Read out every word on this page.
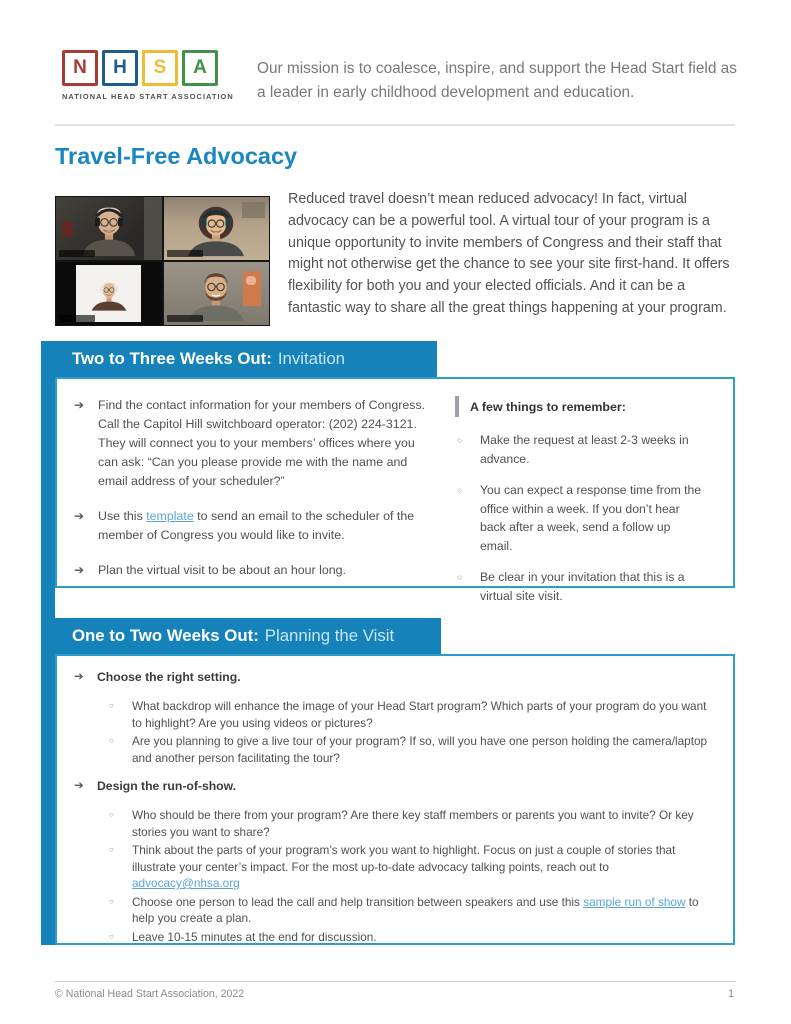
N	H	S	A
NATIONAL HEAD START ASSOCIATION
Our mission is to coalesce, inspire, and support the Head Start field as a leader in early childhood development and education.
Travel-Free Advocacy
Reduced travel doesn’t mean reduced advocacy! In fact, virtual advocacy can be a powerful tool. A virtual tour of your program is a unique opportunity to invite members of Congress and their staff that might not otherwise get the chance to see your site first-hand. It offers flexibility for both you and your elected officials. And it can be a fantastic way to share all the great things happening at your program.
Two to Three Weeks Out: Invitation
➔	Find the contact information for your members of Congress. Call the Capitol Hill switchboard operator: (202) 224-3121. They will connect you to your members’ offices where you can ask: “Can you please provide me with the name and email address of your scheduler?”
➔	Use this template to send an email to the scheduler of the member of Congress you would like to invite.
➔	Plan the virtual visit to be about an hour long.
A few things to remember:
○	Make the request at least 2-3 weeks in advance.
○	You can expect a response time from the office within a week. If you don’t hear back after a week, send a follow up email.
○	Be clear in your invitation that this is a virtual site visit.
One to Two Weeks Out: Planning the Visit
➔	Choose the right setting.
○	What backdrop will enhance the image of your Head Start program? Which parts of your program do you want to highlight? Are you using videos or pictures?
○	Are you planning to give a live tour of your program? If so, will you have one person holding the camera/laptop and another person facilitating the tour?
➔	Design the run-of-show.
○	Who should be there from your program? Are there key staff members or parents you want to invite? Or key stories you want to share?
○	Think about the parts of your program’s work you want to highlight. Focus on just a couple of stories that illustrate your center’s impact. For the most up-to-date advocacy talking points, reach out to advocacy@nhsa.org
○	Choose one person to lead the call and help transition between speakers and use this sample run of show to help you create a plan.
○	Leave 10-15 minutes at the end for discussion.
© National Head Start Association, 2022	1
